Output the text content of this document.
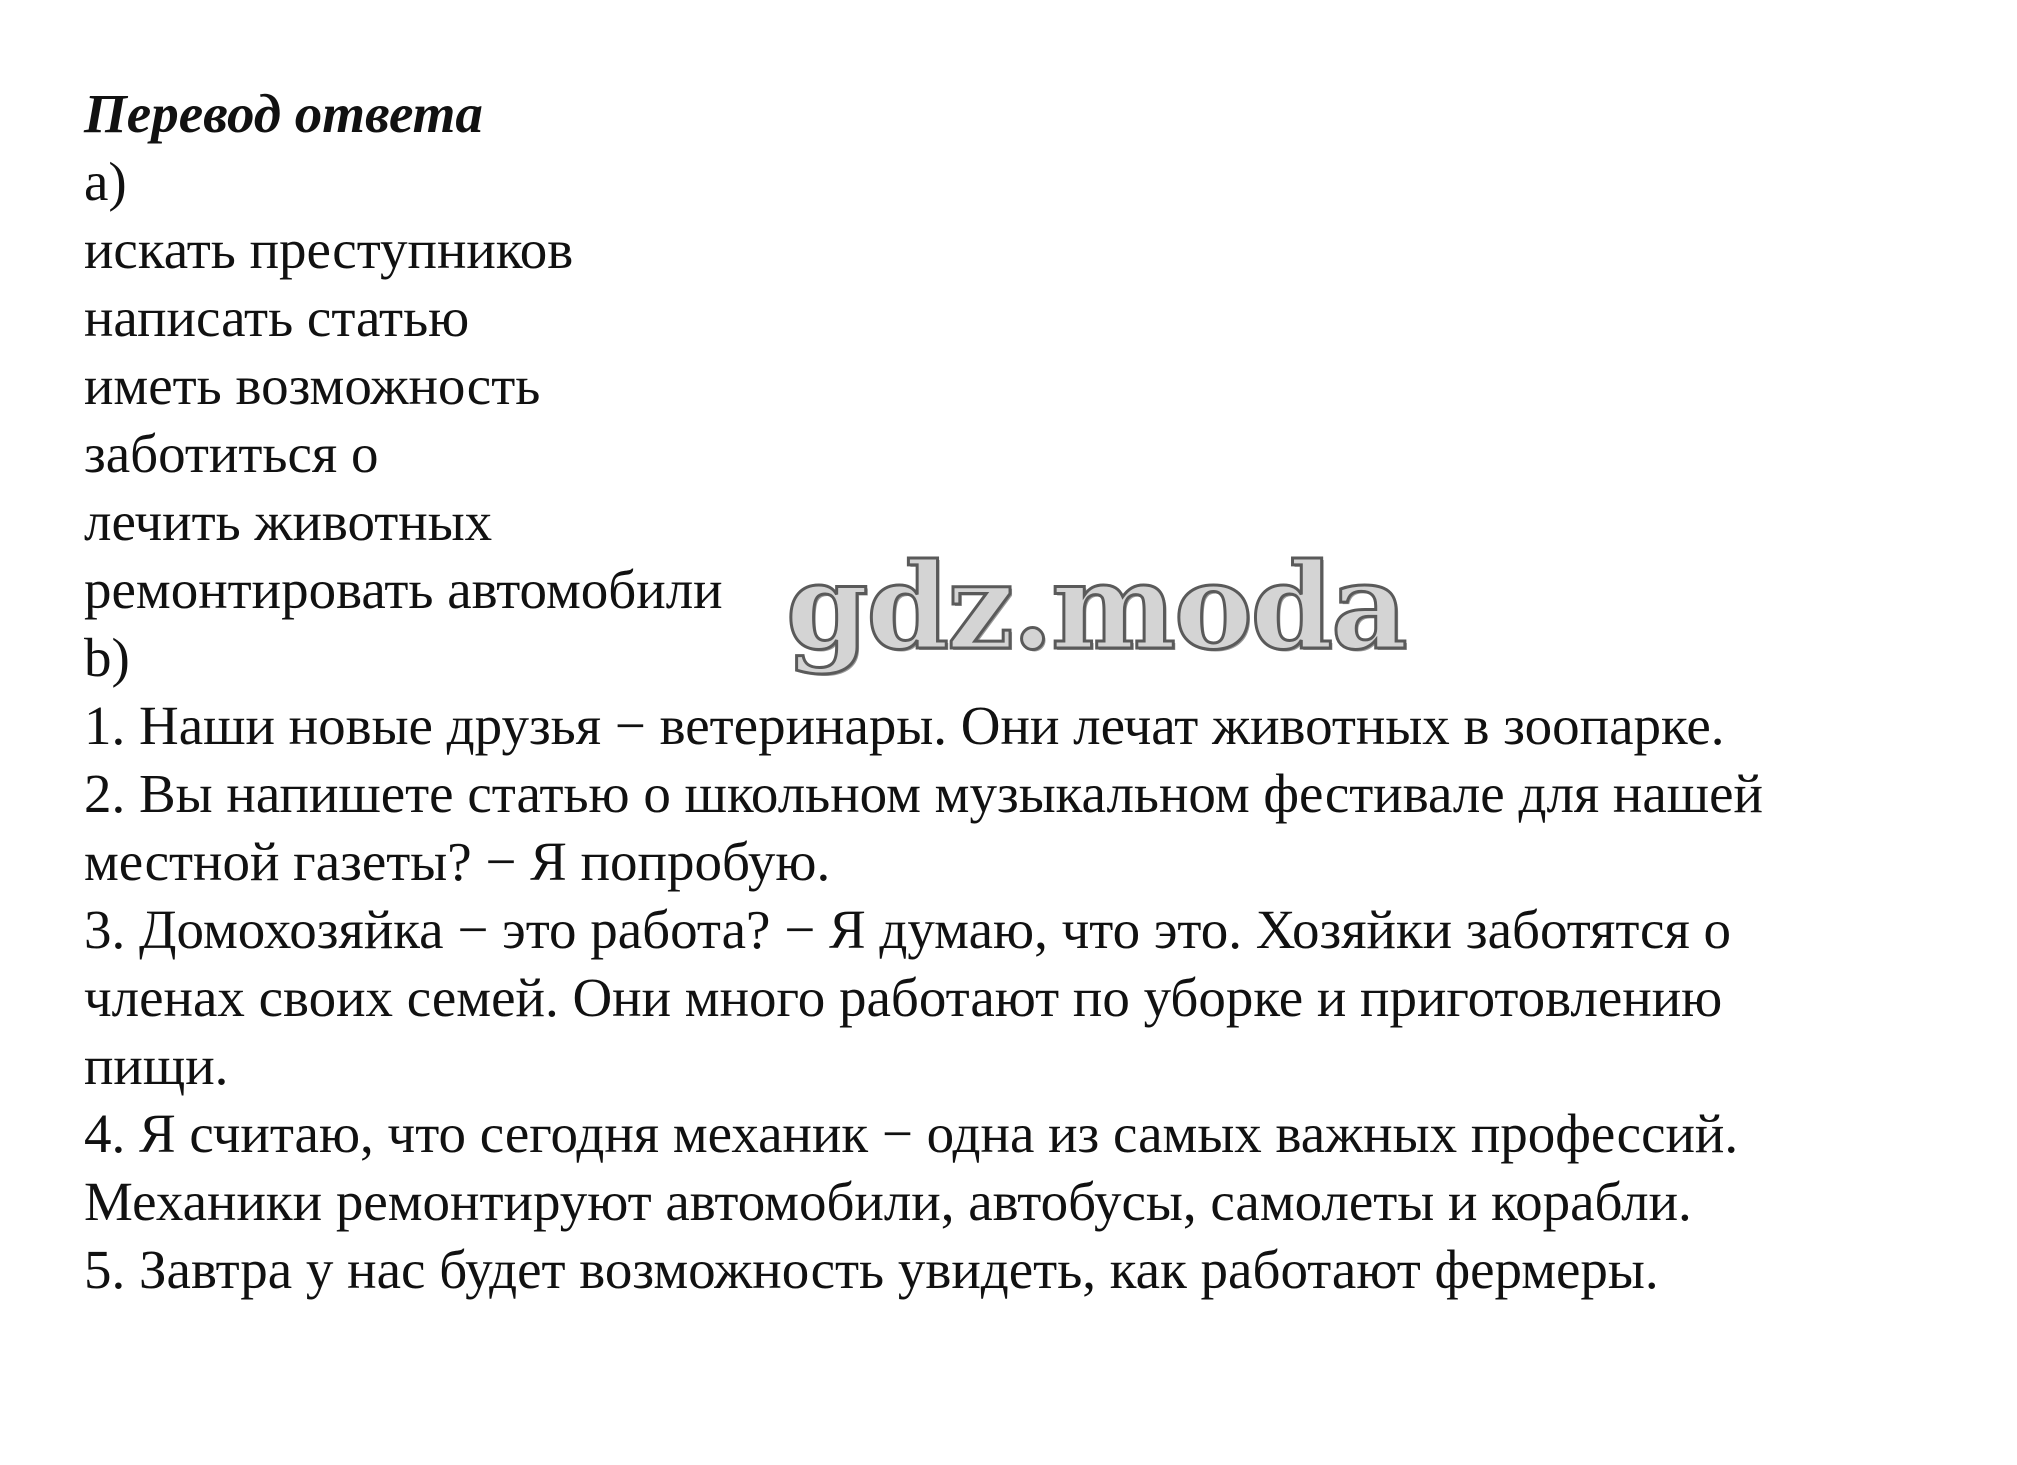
Перевод ответа
a)
искать преступников
написать статью
иметь возможность
заботиться о
лечить животных
ремонтировать автомобили
b)
1. Наши новые друзья − ветеринары. Они лечат животных в зоопарке.
2. Вы напишете статью о школьном музыкальном фестивале для нашей
местной газеты? − Я попробую.
3. Домохозяйка − это работа? − Я думаю, что это. Хозяйки заботятся о
членах своих семей. Они много работают по уборке и приготовлению
пищи.
4. Я считаю, что сегодня механик − одна из самых важных профессий.
Механики ремонтируют автомобили, автобусы, самолеты и корабли.
5. Завтра у нас будет возможность увидеть, как работают фермеры.
gdz.moda
